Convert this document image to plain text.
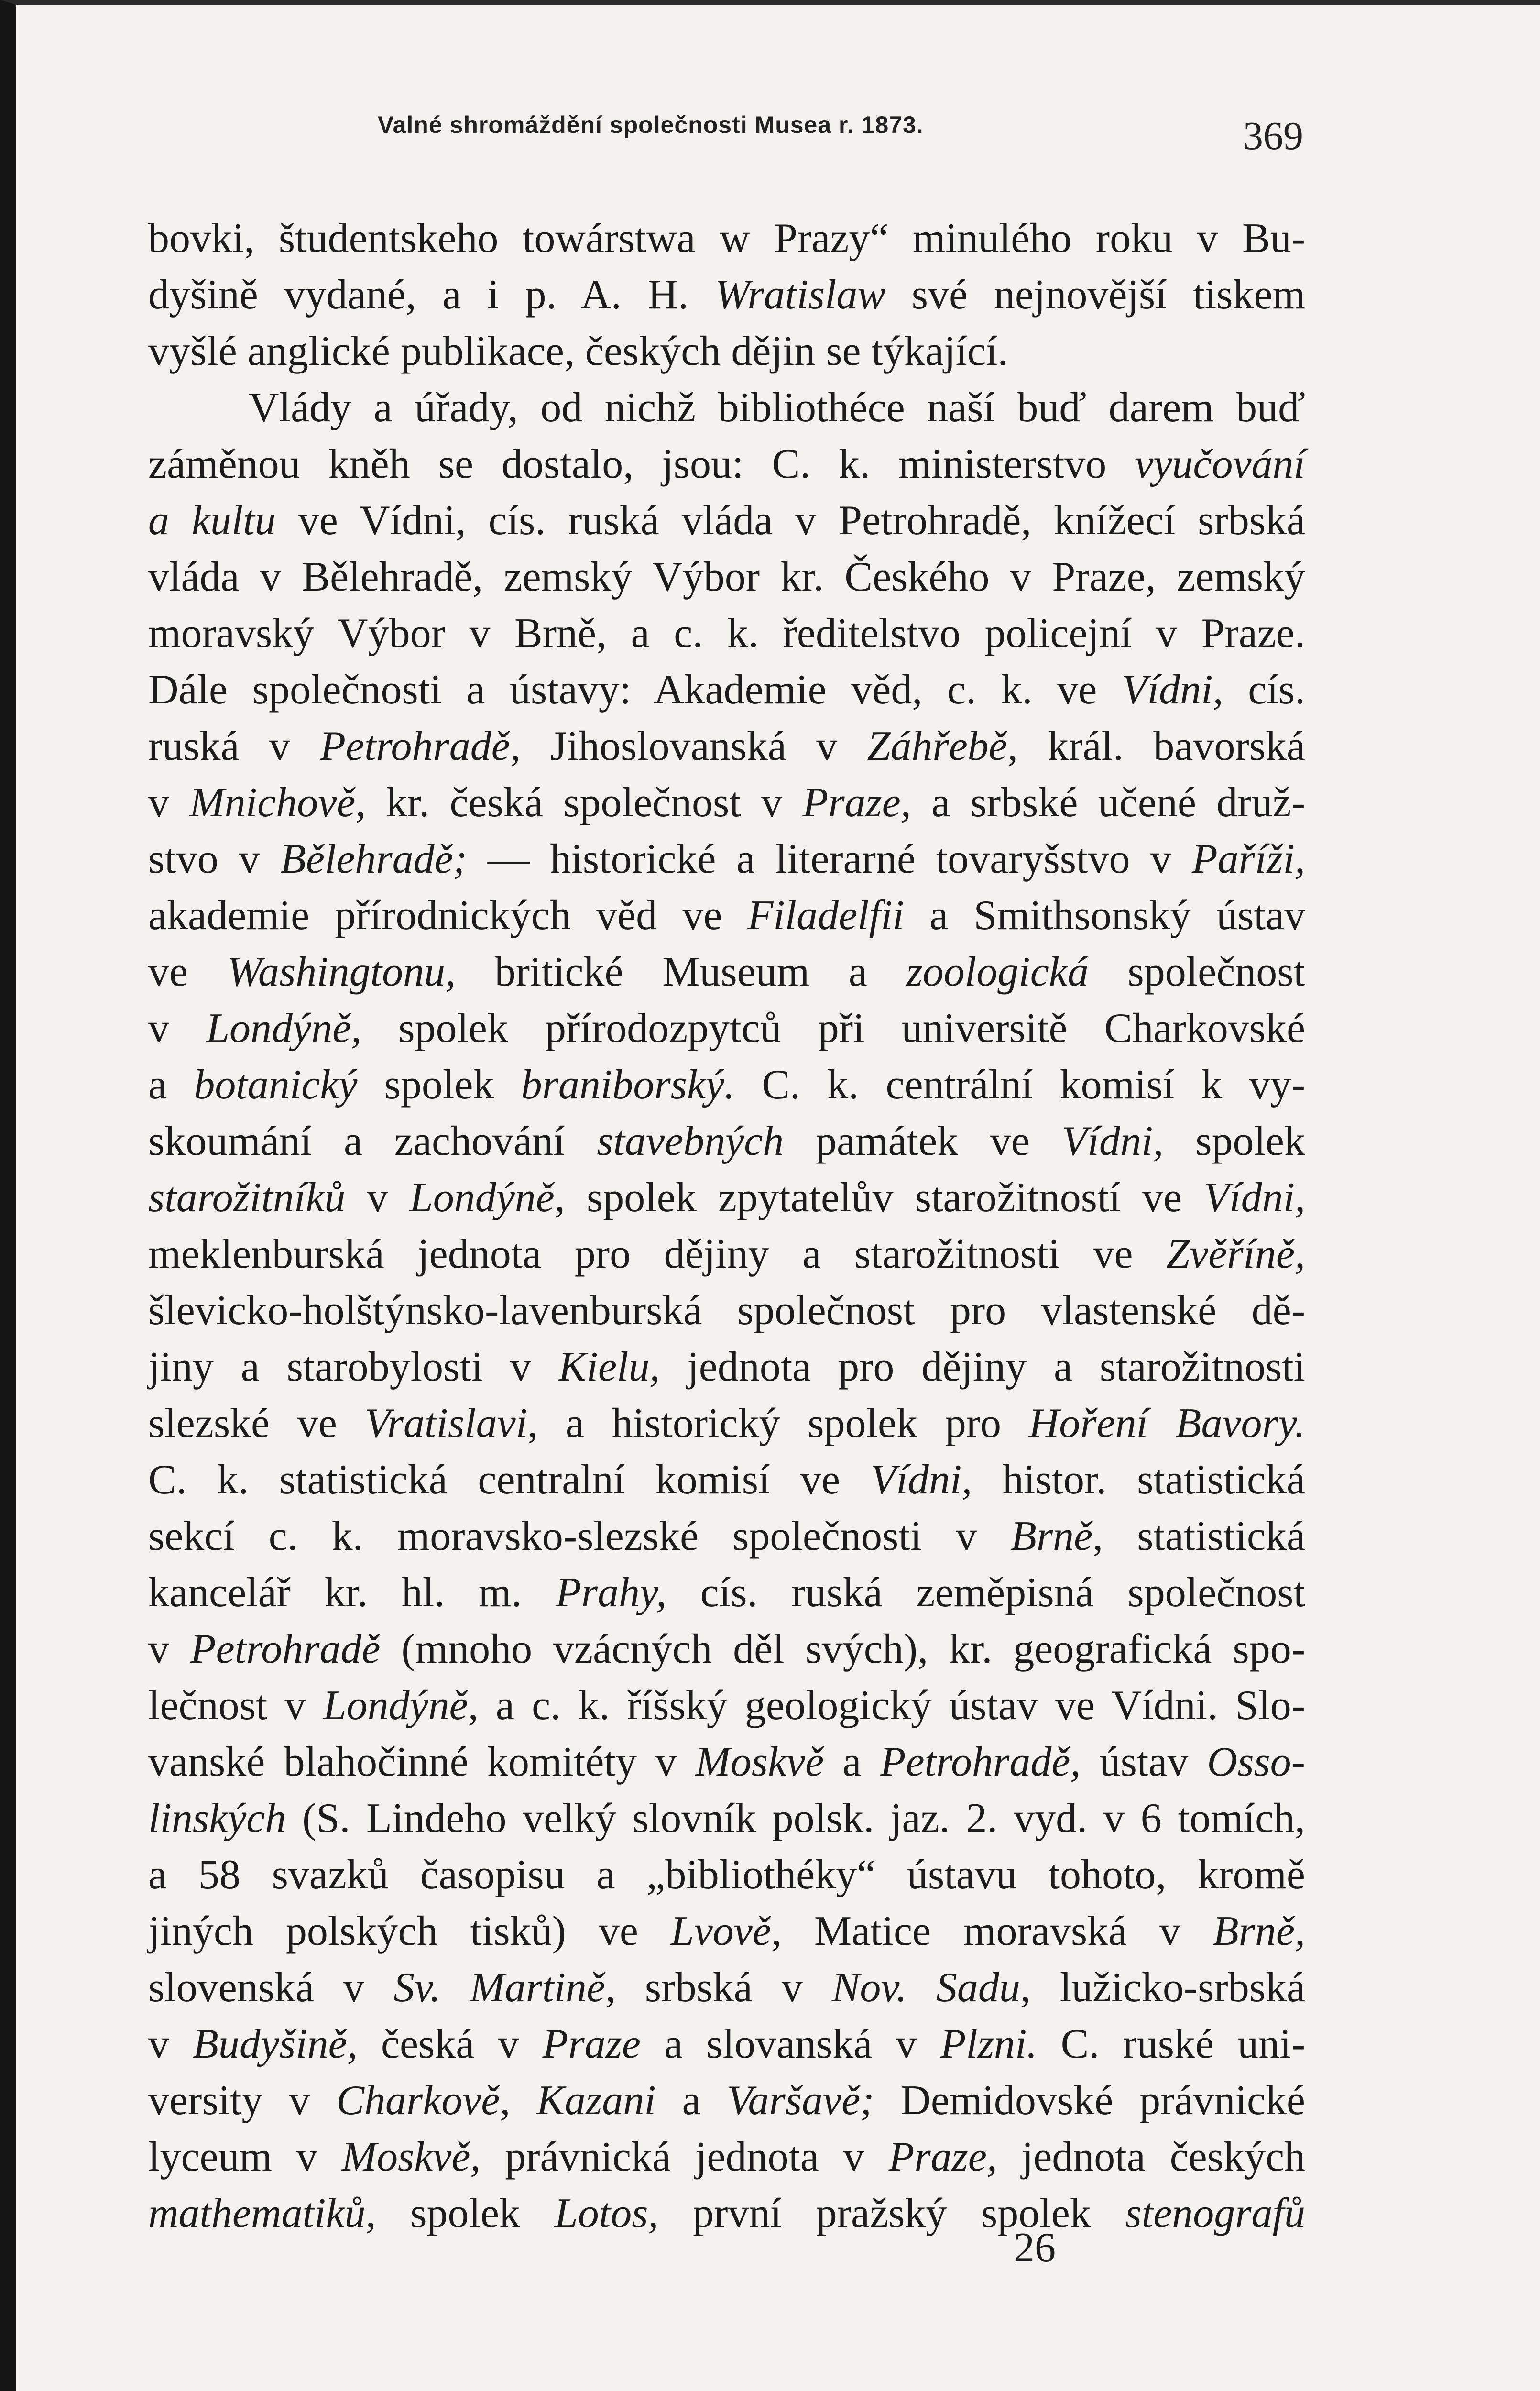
Valné shromáždění společnosti Musea r. 1873.	369
bovki, študentskeho towárstwa w Prazy“ minulého roku v Bu-
dyšině vydané, a i p. A. H. Wratislaw své nejnovější tiskem
vyšlé anglické publikace, českých dějin se týkající.
Vlády a úřady, od nichž bibliothéce naší buď darem buď
záměnou kněh se dostalo, jsou: C. k. ministerstvo vyučování
a kultu ve Vídni, cís. ruská vláda v Petrohradě, knížecí srbská
vláda v Bělehradě, zemský Výbor kr. Českého v Praze, zemský
moravský Výbor v Brně, a c. k. ředitelstvo policejní v Praze.
Dále společnosti a ústavy: Akademie věd, c. k. ve Vídni, cís.
ruská v Petrohradě, Jihoslovanská v Záhřebě, král. bavorská
v Mnichově, kr. česká společnost v Praze, a srbské učené druž-
stvo v Bělehradě; — historické a literarné tovaryšstvo v Paříži,
akademie přírodnických věd ve Filadelfii a Smithsonský ústav
ve Washingtonu, britické Museum a zoologická společnost
v Londýně, spolek přírodozpytců při universitě Charkovské
a botanický spolek braniborský. C. k. centrální komisí k vy-
skoumání a zachování stavebných památek ve Vídni, spolek
starožitníků v Londýně, spolek zpytatelův starožitností ve Vídni,
meklenburská jednota pro dějiny a starožitnosti ve Zvěříně,
šlevicko-holštýnsko-lavenburská společnost pro vlastenské dě-
jiny a starobylosti v Kielu, jednota pro dějiny a starožitnosti
slezské ve Vratislavi, a historický spolek pro Hoření Bavory.
C. k. statistická centralní komisí ve Vídni, histor. statistická
sekcí c. k. moravsko-slezské společnosti v Brně, statistická
kancelář kr. hl. m. Prahy, cís. ruská zeměpisná společnost
v Petrohradě (mnoho vzácných děl svých), kr. geografická spo-
lečnost v Londýně, a c. k. říšský geologický ústav ve Vídni. Slo-
vanské blahočinné komitéty v Moskvě a Petrohradě, ústav Osso-
linských (S. Lindeho velký slovník polsk. jaz. 2. vyd. v 6 tomích,
a 58 svazků časopisu a „bibliothéky“ ústavu tohoto, kromě
jiných polských tisků) ve Lvově, Matice moravská v Brně,
slovenská v Sv. Martině, srbská v Nov. Sadu, lužicko-srbská
v Budyšině, česká v Praze a slovanská v Plzni. C. ruské uni-
versity v Charkově, Kazani a Varšavě; Demidovské právnické
lyceum v Moskvě, právnická jednota v Praze, jednota českých
mathematiků, spolek Lotos, první pražský spolek stenografů
26
